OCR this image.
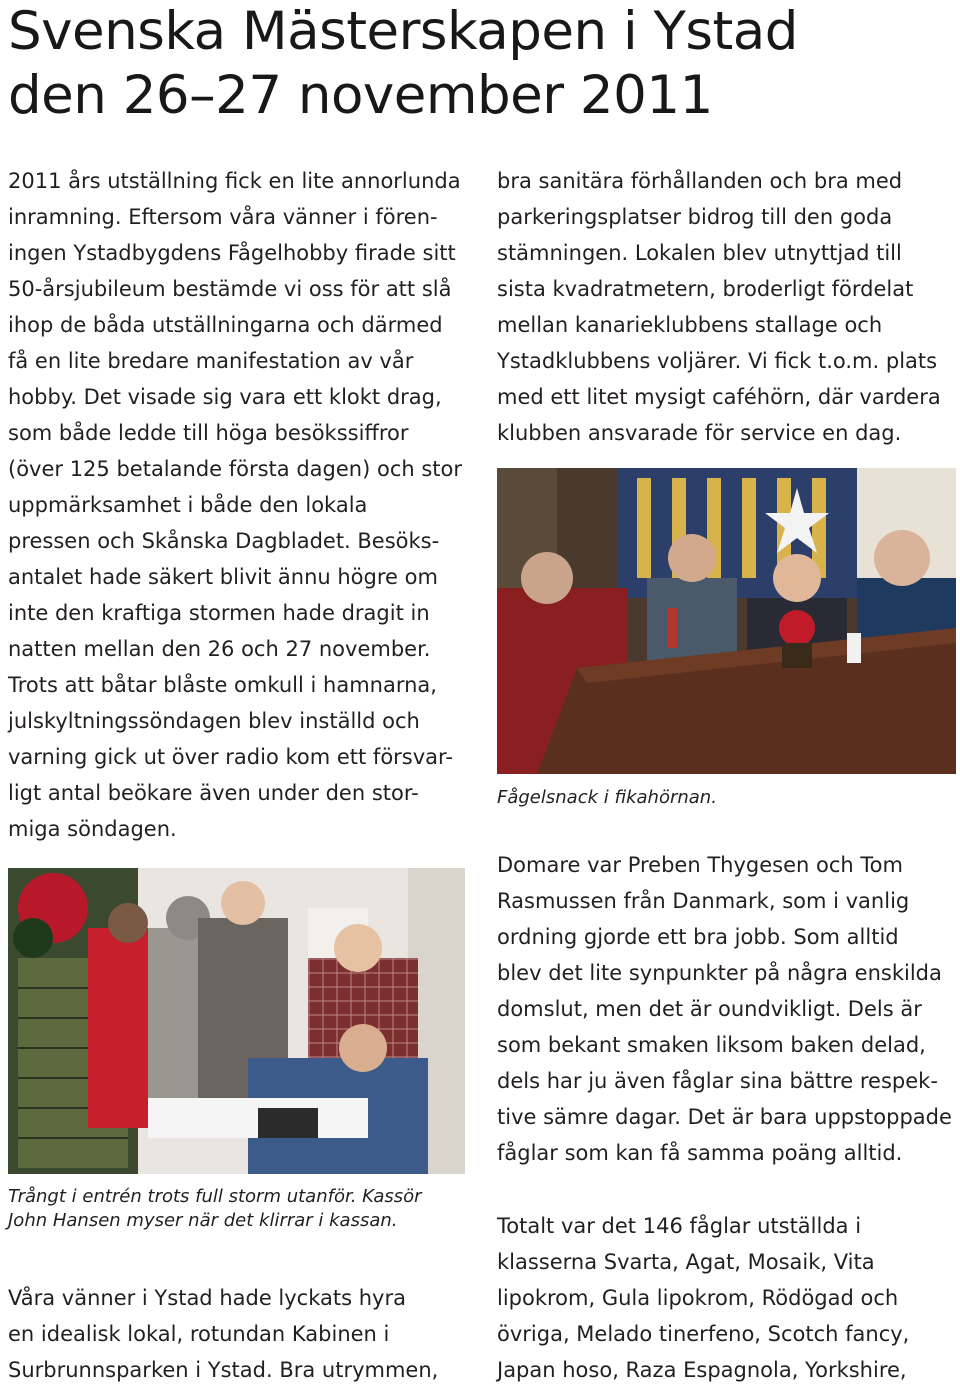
Svenska Mästerskapen i Ystad
den 26–27 november 2011

2011 års utställning fick en lite annorlunda
inramning. Eftersom våra vänner i fören-
ingen Ystadbygdens Fågelhobby firade sitt
50-årsjubileum bestämde vi oss för att slå
ihop de båda utställningarna och därmed
få en lite bredare manifestation av vår
hobby. Det visade sig vara ett klokt drag,
som både ledde till höga besökssiffror
(över 125 betalande första dagen) och stor
uppmärksamhet i både den lokala
pressen och Skånska Dagbladet. Besöks-
antalet hade säkert blivit ännu högre om
inte den kraftiga stormen hade dragit in
natten mellan den 26 och 27 november.
Trots att båtar blåste omkull i hamnarna,
julskyltningssöndagen blev inställd och
varning gick ut över radio kom ett försvar-
ligt antal beökare även under den stor-
miga söndagen.

Trångt i entrén trots full storm utanför. Kassör
John Hansen myser när det klirrar i kassan.

Våra vänner i Ystad hade lyckats hyra
en idealisk lokal, rotundan Kabinen i
Surbrunnsparken i Ystad. Bra utrymmen,

bra sanitära förhållanden och bra med
parkeringsplatser bidrog till den goda
stämningen. Lokalen blev utnyttjad till
sista kvadratmetern, broderligt fördelat
mellan kanarieklubbens stallage och
Ystadklubbens voljärer. Vi fick t.o.m. plats
med ett litet mysigt caféhörn, där vardera
klubben ansvarade för service en dag.

Fågelsnack i fikahörnan.

Domare var Preben Thygesen och Tom
Rasmussen från Danmark, som i vanlig
ordning gjorde ett bra jobb. Som alltid
blev det lite synpunkter på några enskilda
domslut, men det är oundvikligt. Dels är
som bekant smaken liksom baken delad,
dels har ju även fåglar sina bättre respek-
tive sämre dagar. Det är bara uppstoppade
fåglar som kan få samma poäng alltid.

Totalt var det 146 fåglar utställda i
klasserna Svarta, Agat, Mosaik, Vita
lipokrom, Gula lipokrom, Rödögad och
övriga, Melado tinerfeno, Scotch fancy,
Japan hoso, Raza Espagnola, Yorkshire,
